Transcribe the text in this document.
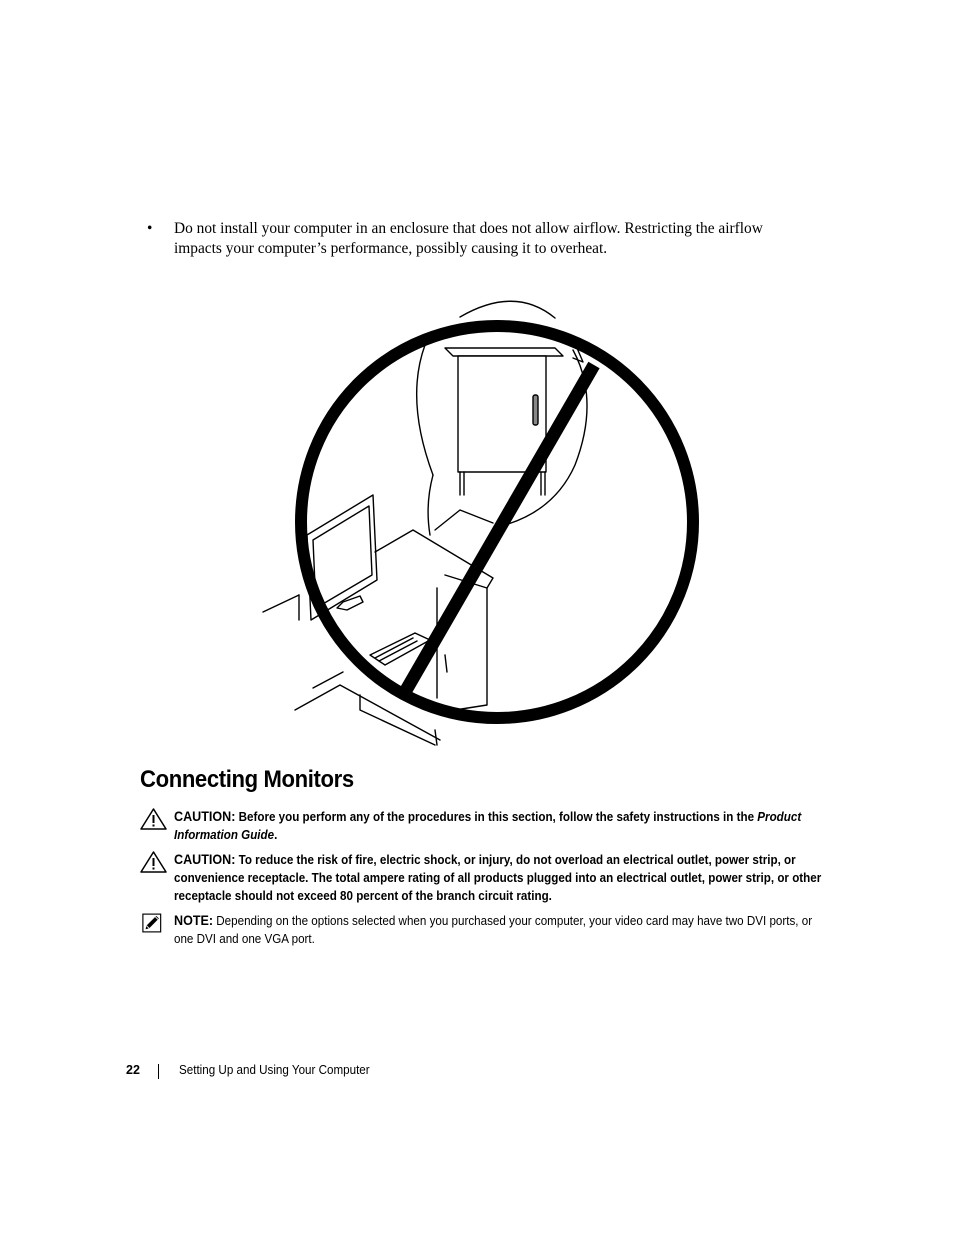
• Do not install your computer in an enclosure that does not allow airflow. Restricting the airflow impacts your computer’s performance, possibly causing it to overheat.
Connecting Monitors
CAUTION: Before you perform any of the procedures in this section, follow the safety instructions in the Product Information Guide.
CAUTION: To reduce the risk of fire, electric shock, or injury, do not overload an electrical outlet, power strip, or convenience receptacle. The total ampere rating of all products plugged into an electrical outlet, power strip, or other receptacle should not exceed 80 percent of the branch circuit rating.
NOTE: Depending on the options selected when you purchased your computer, your video card may have two DVI ports, or one DVI and one VGA port.
22	Setting Up and Using Your Computer
